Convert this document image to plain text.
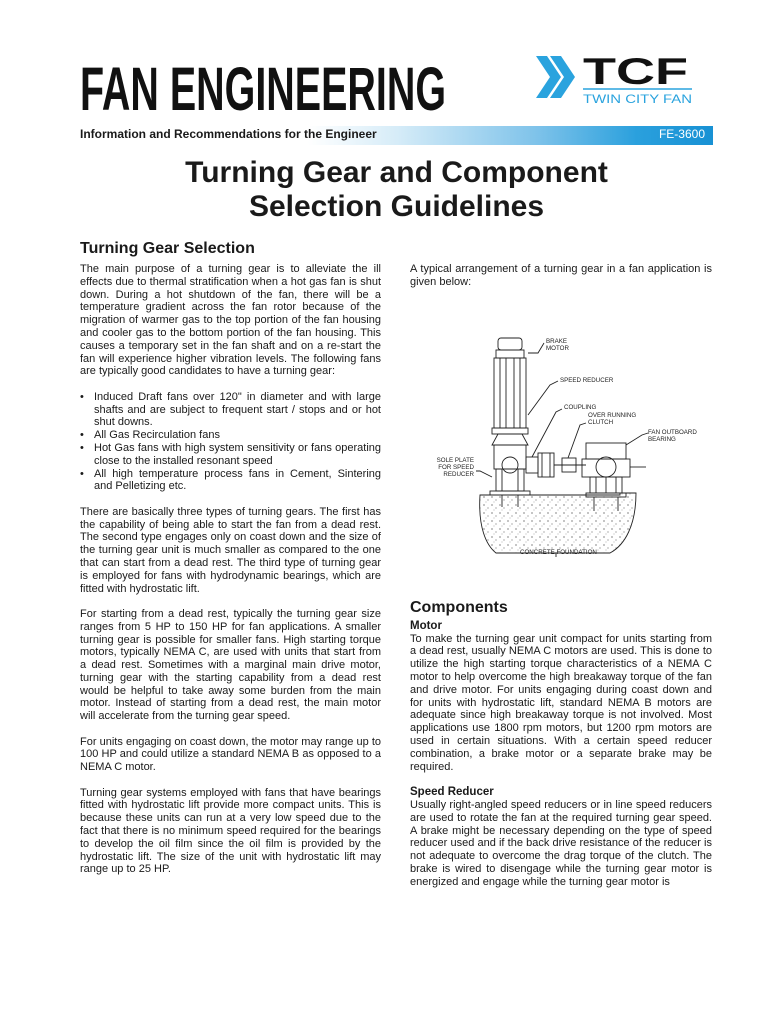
FAN ENGINEERING	TCF
TWIN CITY FAN
Information and Recommendations for the Engineer	FE-3600
Turning Gear and Component
Selection Guidelines
Turning Gear Selection

The main purpose of a turning gear is to alleviate the ill effects due to thermal stratification when a hot gas fan is shut down. During a hot shutdown of the fan, there will be a temperature gradient across the fan rotor because of the migration of warmer gas to the top portion of the fan housing and cooler gas to the bottom portion of the fan housing. This causes a temporary set in the fan shaft and on a re-start the fan will experience higher vibration levels. The following fans are typically good candidates to have a turning gear:

• Induced Draft fans over 120" in diameter and with large shafts and are subject to frequent start / stops and or hot shut downs.
• All Gas Recirculation fans
• Hot Gas fans with high system sensitivity or fans operating close to the installed resonant speed
• All high temperature process fans in Cement, Sintering and Pelletizing etc.

There are basically three types of turning gears. The first has the capability of being able to start the fan from a dead rest. The second type engages only on coast down and the size of the turning gear unit is much smaller as compared to the one that can start from a dead rest. The third type of turning gear is employed for fans with hydrodynamic bearings, which are fitted with hydrostatic lift.

For starting from a dead rest, typically the turning gear size ranges from 5 HP to 150 HP for fan applications. A smaller turning gear is possible for smaller fans. High starting torque motors, typically NEMA C, are used with units that start from a dead rest. Sometimes with a marginal main drive motor, turning gear with the starting capability from a dead rest would be helpful to take away some burden from the main motor. Instead of starting from a dead rest, the main motor will accelerate from the turning gear speed.

For units engaging on coast down, the motor may range up to 100 HP and could utilize a standard NEMA B as opposed to a NEMA C motor.

Turning gear systems employed with fans that have bearings fitted with hydrostatic lift provide more compact units. This is because these units can run at a very low speed due to the fact that there is no minimum speed required for the bearings to develop the oil film since the oil film is provided by the hydrostatic lift. The size of the unit with hydrostatic lift may range up to 25 HP.

A typical arrangement of a turning gear in a fan application is given below:

BRAKE
MOTOR
SPEED REDUCER
COUPLING
OVER RUNNING
CLUTCH
FAN OUTBOARD
BEARING
SOLE PLATE
FOR SPEED
REDUCER
CONCRETE FOUNDATION
Components
Motor

To make the turning gear unit compact for units starting from a dead rest, usually NEMA C motors are used. This is done to utilize the high starting torque characteristics of a NEMA C motor to help overcome the high breakaway torque of the fan and drive motor. For units engaging during coast down and for units with hydrostatic lift, standard NEMA B motors are adequate since high breakaway torque is not involved. Most applications use 1800 rpm motors, but 1200 rpm motors are used in certain situations. With a certain speed reducer combination, a brake motor or a separate brake may be required.

Speed Reducer

Usually right-angled speed reducers or in line speed reducers are used to rotate the fan at the required turning gear speed. A brake might be necessary depending on the type of speed reducer used and if the back drive resistance of the reducer is not adequate to overcome the drag torque of the clutch. The brake is wired to disengage while the turning gear motor is energized and engage while the turning gear motor is
